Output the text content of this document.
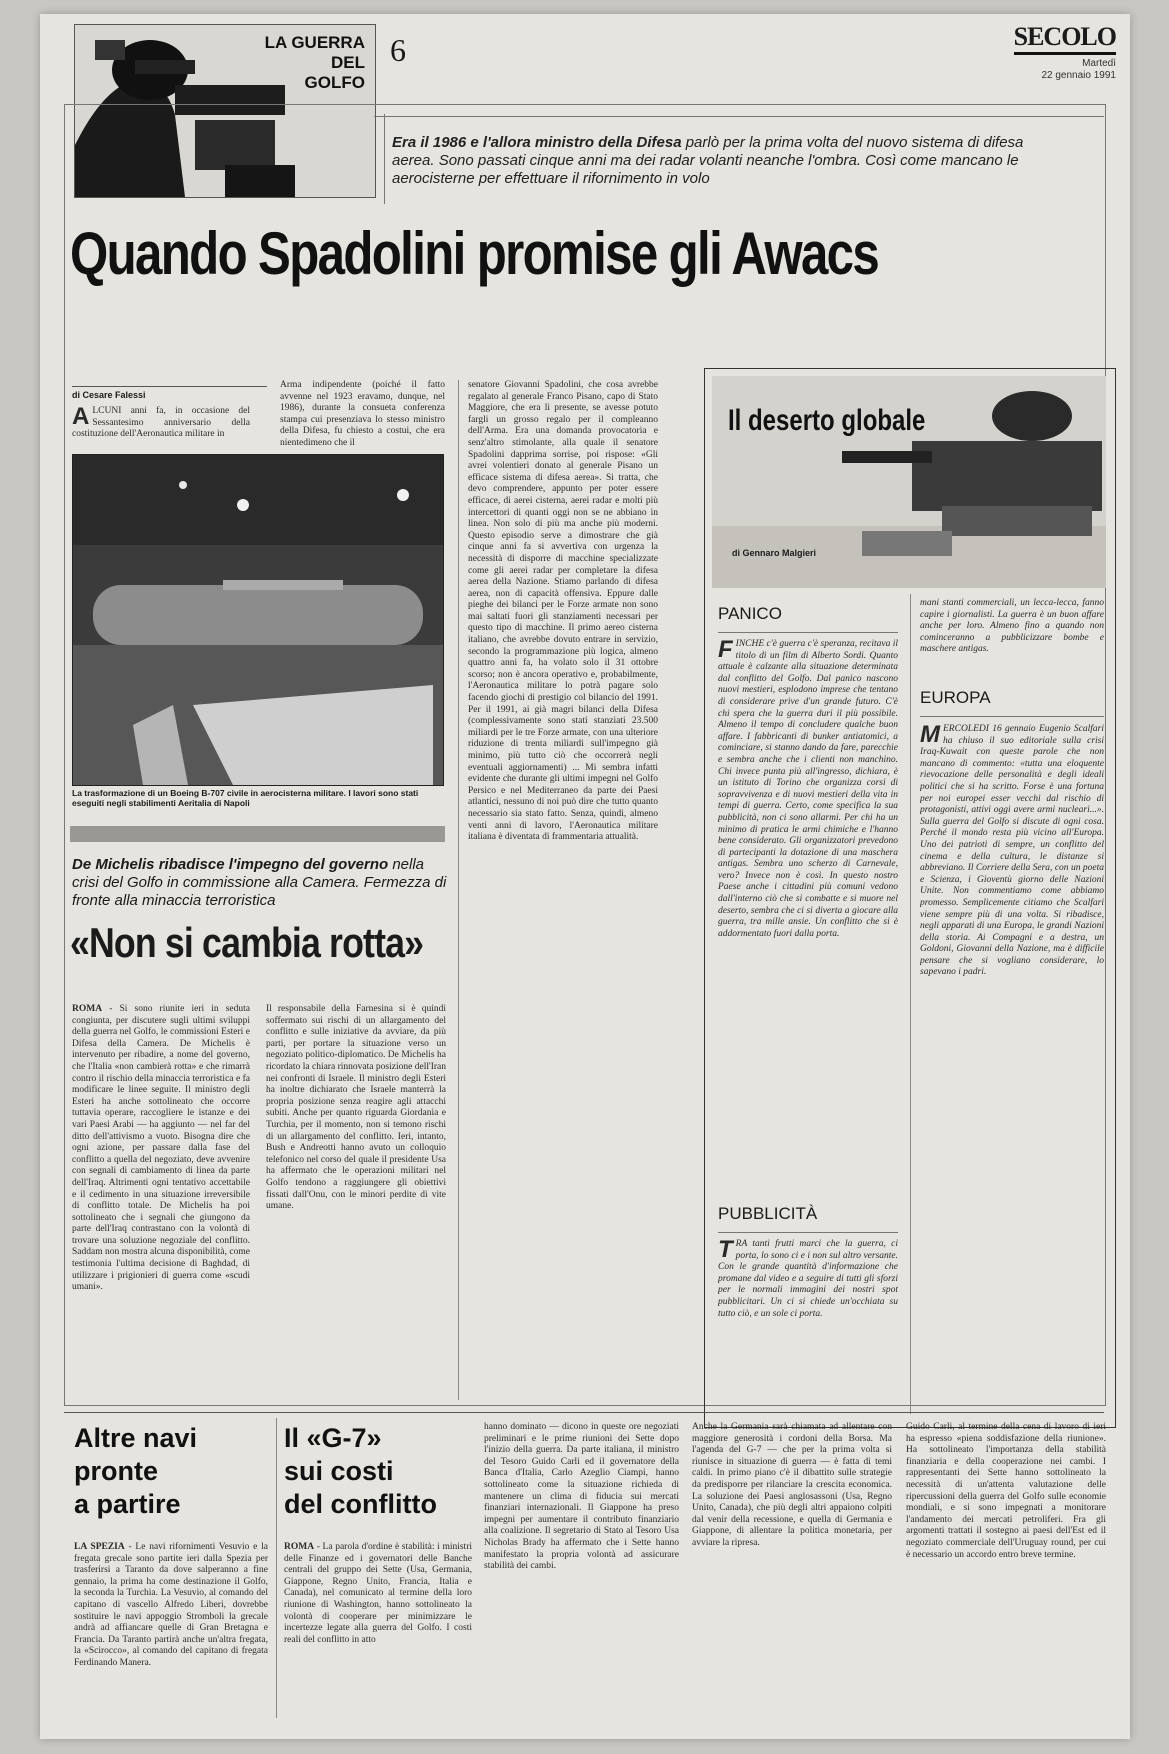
LA GUERRA
DEL
GOLFO
6	SECOLO
Martedì
22 gennaio 1991
Era il 1986 e l'allora ministro della Difesa parlò per la prima volta del nuovo sistema di difesa aerea. Sono passati cinque anni ma dei radar volanti neanche l'ombra. Così come mancano le aerocisterne per effettuare il rifornimento in volo
Quando Spadolini promise gli Awacs
di Cesare Falessi
ALCUNI anni fa, in occasione del Sessantesimo anniversario della costituzione dell'Aeronautica militare in
Arma indipendente (poiché il fatto avvenne nel 1923 eravamo, dunque, nel 1986), durante la consueta conferenza stampa cui presenziava lo stesso ministro della Difesa, fu chiesto a costui, che era nientedimeno che il
La trasformazione di un Boeing B-707 civile in aerocisterna militare. I lavori sono stati eseguiti negli stabilimenti Aeritalia di Napoli
De Michelis ribadisce l'impegno del governo nella crisi del Golfo in commissione alla Camera. Fermezza di fronte alla minaccia terroristica
«Non si cambia rotta»
ROMA - Si sono riunite ieri in seduta congiunta, per discutere sugli ultimi sviluppi della guerra nel Golfo, le commissioni Esteri e Difesa della Camera. De Michelis è intervenuto per ribadire, a nome del governo, che l'Italia «non cambierà rotta» e che rimarrà contro il rischio della minaccia terroristica e fa modificare le linee seguite. Il ministro degli Esteri ha anche sottolineato che occorre tuttavia operare, raccogliere le istanze e dei vari Paesi Arabi — ha aggiunto — nel far del ditto dell'attivismo a vuoto. Bisogna dire che ogni azione, per passare dalla fase del conflitto a quella del negoziato, deve avvenire con segnali di cambiamento di linea da parte dell'Iraq. Altrimenti ogni tentativo accettabile e il cedimento in una situazione irreversibile di conflitto totale. De Michelis ha poi sottolineato che i segnali che giungono da parte dell'Iraq contrastano con la volontà di trovare una soluzione negoziale del conflitto. Saddam non mostra alcuna disponibilità, come testimonia l'ultima decisione di Baghdad, di utilizzare i prigionieri di guerra come «scudi umani».
Il responsabile della Farnesina si è quindi soffermato sui rischi di un allargamento del conflitto e sulle iniziative da avviare, da più parti, per portare la situazione verso un negoziato politico-diplomatico. De Michelis ha ricordato la chiara rinnovata posizione dell'Iran nei confronti di Israele. Il ministro degli Esteri ha inoltre dichiarato che Israele manterrà la propria posizione senza reagire agli attacchi subiti. Anche per quanto riguarda Giordania e Turchia, per il momento, non si temono rischi di un allargamento del conflitto. Ieri, intanto, Bush e Andreotti hanno avuto un colloquio telefonico nel corso del quale il presidente Usa ha affermato che le operazioni militari nel Golfo tendono a raggiungere gli obiettivi fissati dall'Onu, con le minori perdite di vite umane.
senatore Giovanni Spadolini, che cosa avrebbe regalato al generale Franco Pisano, capo di Stato Maggiore, che era lì presente, se avesse potuto fargli un grosso regalo per il compleanno dell'Arma. Era una domanda provocatoria e senz'altro stimolante, alla quale il senatore Spadolini dapprima sorrise, poi rispose: «Gli avrei volentieri donato al generale Pisano un efficace sistema di difesa aerea». Si tratta, che devo comprendere, appunto per poter essere efficace, di aerei cisterna, aerei radar e molti più intercettori di quanti oggi non se ne abbiano in linea. Non solo di più ma anche più moderni. Questo episodio serve a dimostrare che già cinque anni fa si avvertiva con urgenza la necessità di disporre di macchine specializzate come gli aerei radar per completare la difesa aerea della Nazione. Stiamo parlando di difesa aerea, non di capacità offensiva. Eppure dalle pieghe dei bilanci per le Forze armate non sono mai saltati fuori gli stanziamenti necessari per questo tipo di macchine. Il primo aereo cisterna italiano, che avrebbe dovuto entrare in servizio, secondo la programmazione più logica, almeno quattro anni fa, ha volato solo il 31 ottobre scorso; non è ancora operativo e, probabilmente, l'Aeronautica militare lo potrà pagare solo facendo giochi di prestigio col bilancio del 1991. Per il 1991, ai già magri bilanci della Difesa (complessivamente sono stati stanziati 23.500 miliardi per le tre Forze armate, con una ulteriore riduzione di trenta miliardi sull'impegno già minimo, più tutto ciò che occorrerà negli eventuali aggiornamenti) ... Mi sembra infatti evidente che durante gli ultimi impegni nel Golfo Persico e nel Mediterraneo da parte dei Paesi atlantici, nessuno di noi può dire che tutto quanto necessario sia stato fatto. Senza, quindi, almeno venti anni di lavoro, l'Aeronautica militare italiana è diventata di frammentaria attualità.
Il deserto globale
di Gennaro Malgieri
PANICO
FINCHÉ c'è guerra c'è speranza, recitava il titolo di un film di Alberto Sordi. Quanto attuale è calzante alla situazione determinata dal conflitto del Golfo. Dal panico nascono nuovi mestieri, esplodono imprese che tentano di considerare prive d'un grande futuro. C'è chi spera che la guerra duri il più possibile. Almeno il tempo di concludere qualche buon affare. I fabbricanti di bunker antiatomici, a cominciare, si stanno dando da fare, parecchie e sembra anche che i clienti non manchino. Chi invece punta più all'ingresso, dichiara, è un istituto di Torino che organizza corsi di sopravvivenza e di nuovi mestieri della vita in tempi di guerra. Certo, come specifica la sua pubblicità, non ci sono allarmi. Per chi ha un minimo di pratica le armi chimiche e l'hanno bene considerato. Gli organizzatori prevedono di partecipanti la dotazione di una maschera antigas. Sembra uno scherzo di Carnevale, vero? Invece non è così. In questo nostro Paese anche i cittadini più comuni vedono dall'interno ciò che si combatte e si muore nel deserto, sembra che ci si diverta a giocare alla guerra, tra mille ansie. Un conflitto che si è addormentato fuori dalla porta.
PUBBLICITÀ
TRA tanti frutti marci che la guerra, ci porta, lo sono ci e i non sul altro versante. Con le grande quantità d'informazione che promane dal video e a seguire di tutti gli sforzi per le normali immagini dei nostri spot pubblicitari. Un ci si chiede un'occhiata su tutto ciò, e un sole ci porta.
mani stanti commerciali, un lecca-lecca, fanno capire i giornalisti. La guerra è un buon affare anche per loro. Almeno fino a quando non cominceranno a pubblicizzare bombe e maschere antigas.
EUROPA
MERCOLEDÌ 16 gennaio Eugenio Scalfari ha chiuso il suo editoriale sulla crisi Iraq-Kuwait con queste parole che non mancano di commento: «tutta una eloquente rievocazione delle personalità e degli ideali politici che si ha scritto. Forse è una fortuna per noi europei esser vecchi dal rischio di protagonisti, attivi oggi avere armi nucleari...». Sulla guerra del Golfo si discute di ogni cosa. Perché il mondo resta più vicino all'Europa. Uno dei patrioti di sempre, un conflitto del cinema e della cultura, le distanze si abbreviano. Il Corriere della Sera, con un poeta e Scienza, i Gioventù giorno delle Nazioni Unite. Non commentiamo come abbiamo promesso. Semplicemente citiamo che Scalfari viene sempre più di una volta. Si ribadisce, negli apparati di una Europa, le grandi Nazioni della storia. Ai Compagni e a destra, un Goldoni, Giovanni della Nazione, ma è difficile pensare che si vogliano considerare, lo sapevano i padri.
Altre navi
pronte
a partire
LA SPEZIA - Le navi rifornimenti Vesuvio e la fregata grecale sono partite ieri dalla Spezia per trasferirsi a Taranto da dove salperanno a fine gennaio, la prima ha come destinazione il Golfo, la seconda la Turchia. La Vesuvio, al comando del capitano di vascello Alfredo Liberi, dovrebbe sostituire le navi appoggio Stromboli la grecale andrà ad affiancare quelle di Gran Bretagna e Francia. Da Taranto partirà anche un'altra fregata, la «Scirocco», al comando del capitano di fregata Ferdinando Manera.
Il «G-7»
sui costi
del conflitto
ROMA - La parola d'ordine è stabilità: i ministri delle Finanze ed i governatori delle Banche centrali del gruppo dei Sette (Usa, Germania, Giappone, Regno Unito, Francia, Italia e Canada), nel comunicato al termine della loro riunione di Washington, hanno sottolineato la volontà di cooperare per minimizzare le incertezze legate alla guerra del Golfo. I costi reali del conflitto in atto
hanno dominato — dicono in queste ore negoziati preliminari e le prime riunioni dei Sette dopo l'inizio della guerra. Da parte italiana, il ministro del Tesoro Guido Carli ed il governatore della Banca d'Italia, Carlo Azeglio Ciampi, hanno sottolineato come la situazione richieda di mantenere un clima di fiducia sui mercati finanziari internazionali. Il Giappone ha preso impegni per aumentare il contributo finanziario alla coalizione. Il segretario di Stato al Tesoro Usa Nicholas Brady ha affermato che i Sette hanno manifestato la propria volontà ad assicurare stabilità dei cambi.
Anche la Germania sarà chiamata ad allentare con maggiore generosità i cordoni della Borsa. Ma l'agenda del G-7 — che per la prima volta si riunisce in situazione di guerra — è fatta di temi caldi. In primo piano c'è il dibattito sulle strategie da predisporre per rilanciare la crescita economica. La soluzione dei Paesi anglosassoni (Usa, Regno Unito, Canada), che più degli altri appaiono colpiti dal venir della recessione, e quella di Germania e Giappone, di allentare la politica monetaria, per avviare la ripresa.
Guido Carli, al termine della cena di lavoro di ieri ha espresso «piena soddisfazione della riunione». Ha sottolineato l'importanza della stabilità finanziaria e della cooperazione nei cambi. I rappresentanti dei Sette hanno sottolineato la necessità di un'attenta valutazione delle ripercussioni della guerra del Golfo sulle economie mondiali, e si sono impegnati a monitorare l'andamento dei mercati petroliferi. Fra gli argomenti trattati il sostegno ai paesi dell'Est ed il negoziato commerciale dell'Uruguay round, per cui è necessario un accordo entro breve termine.
